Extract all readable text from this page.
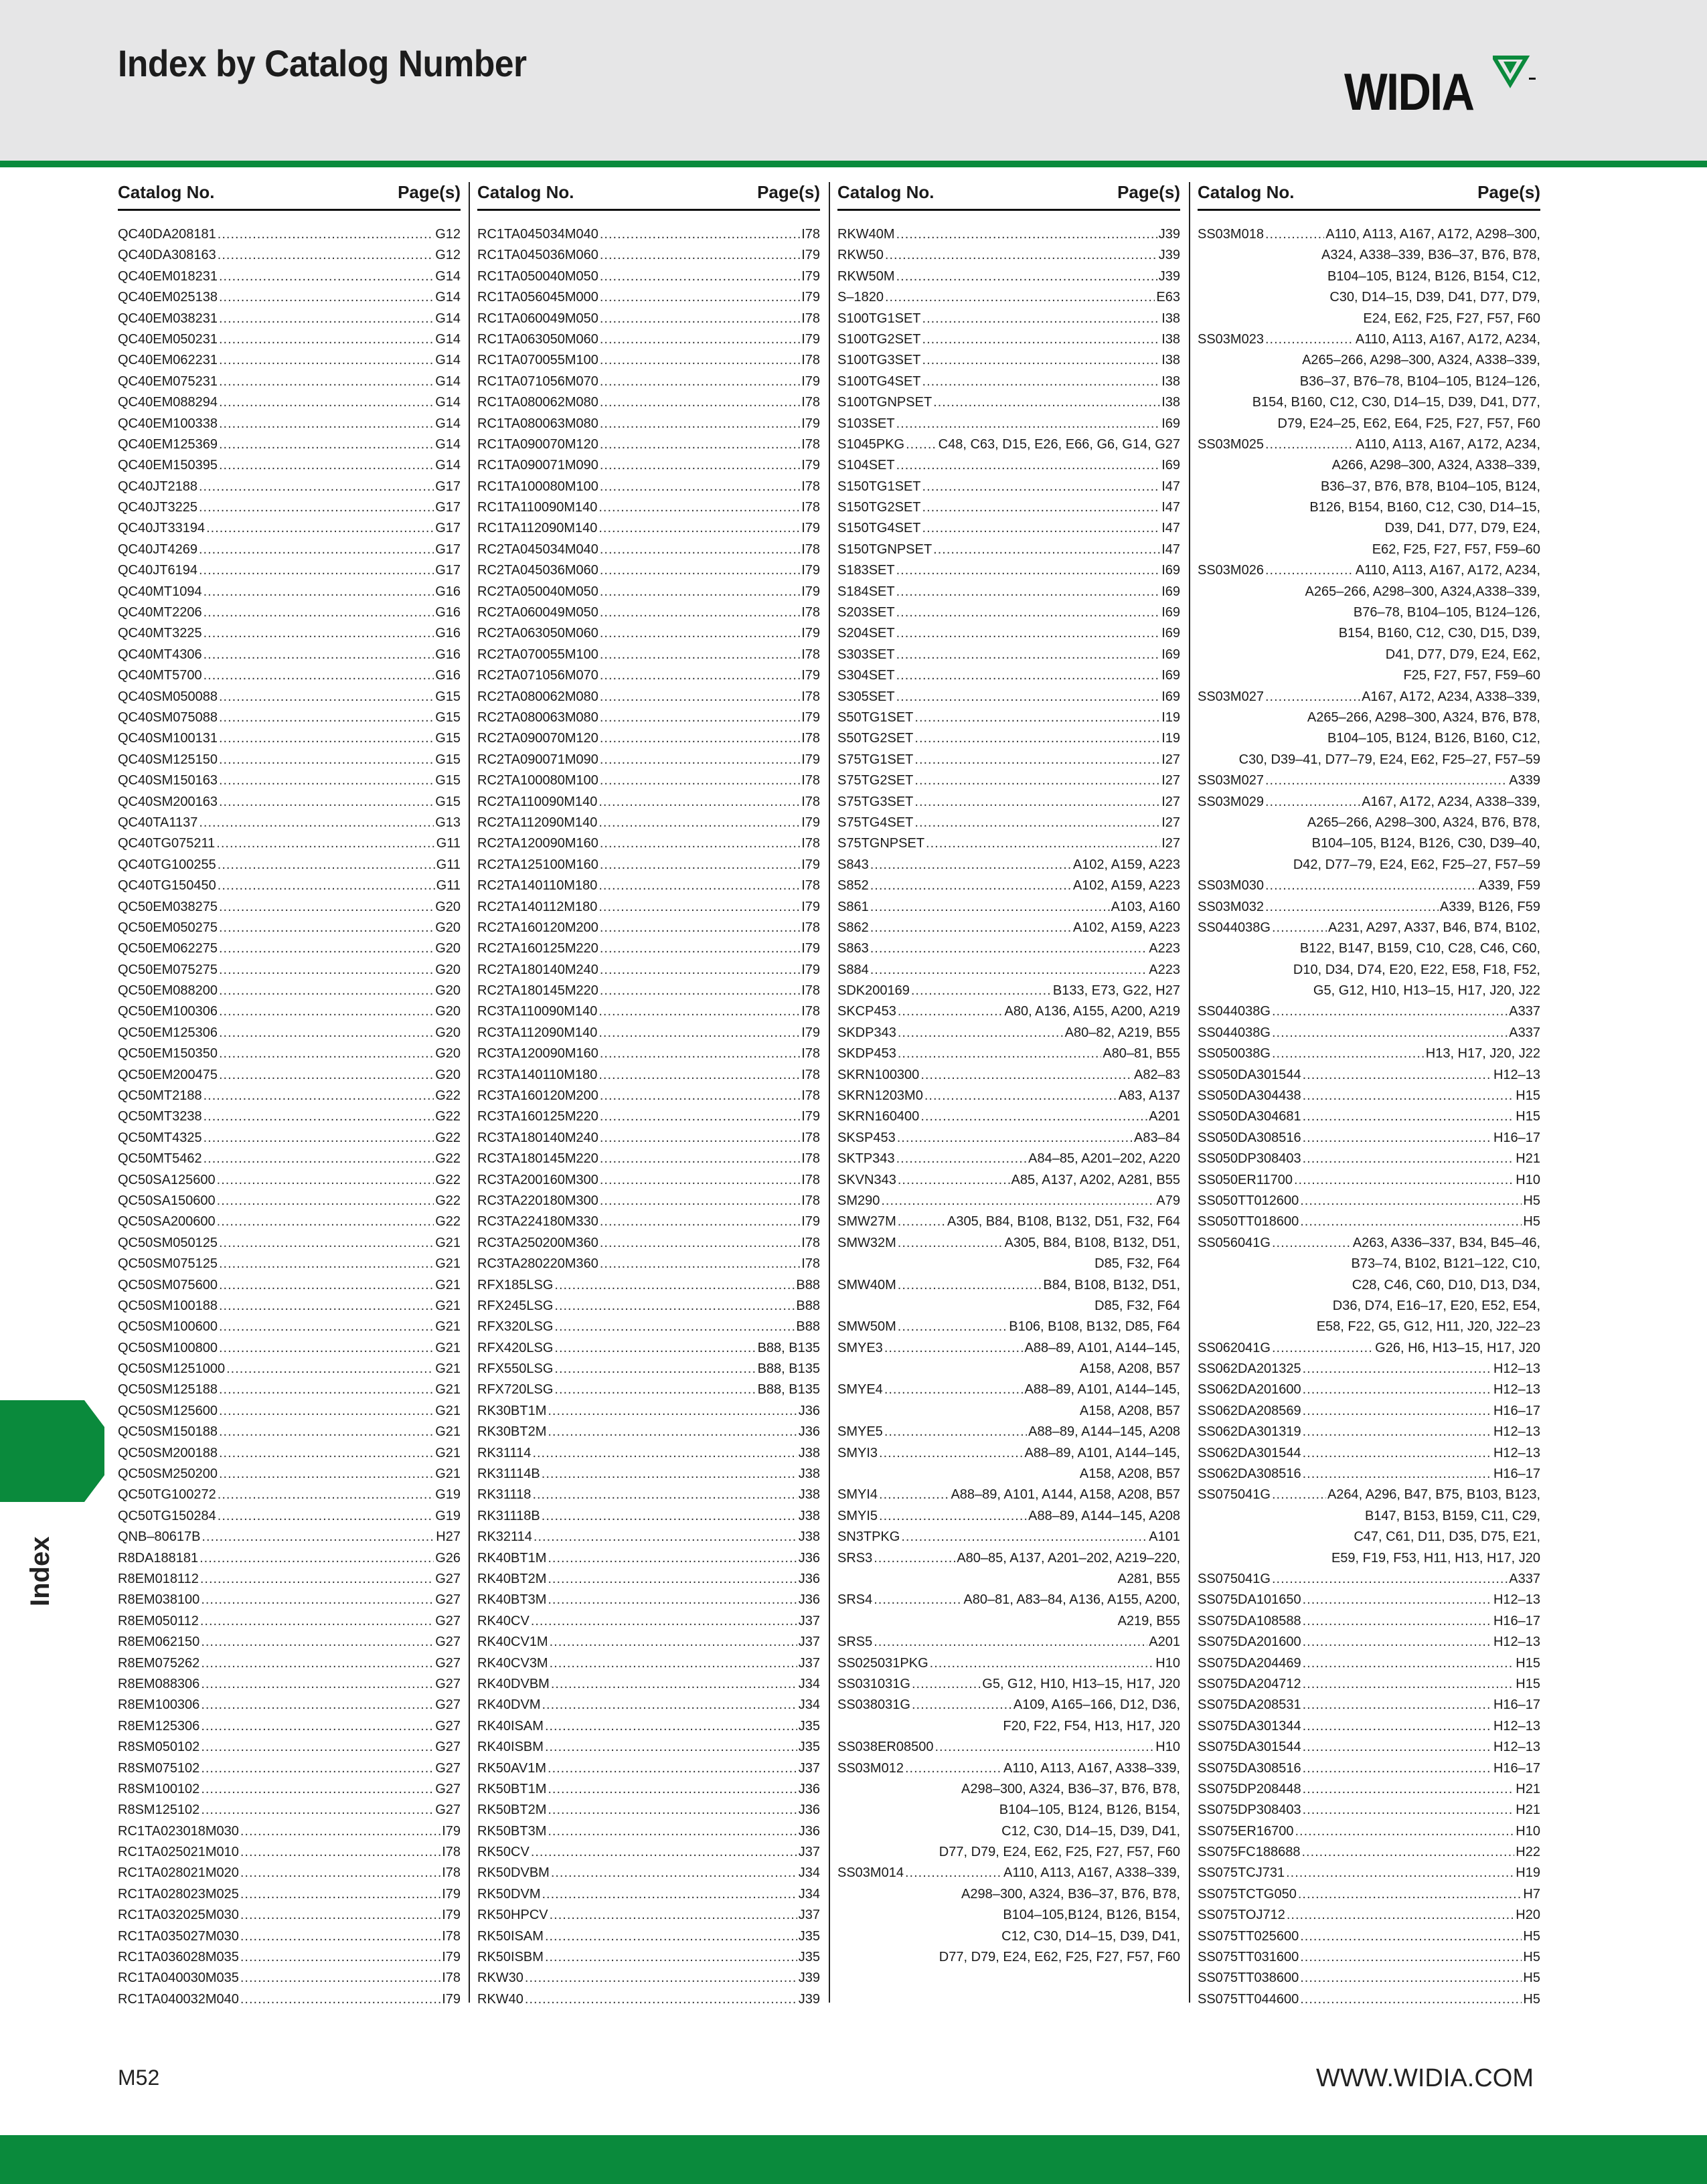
Index by Catalog Number	WIDIA
Catalog No.	Page(s)
QC40DA208181 .....	G12
QC40DA308163 .....	G12
QC40EM018231 .....	G14
QC40EM025138 .....	G14
QC40EM038231 .....	G14
QC40EM050231 .....	G14
QC40EM062231 .....	G14
QC40EM075231 .....	G14
QC40EM088294 .....	G14
QC40EM100338 .....	G14
QC40EM125369 .....	G14
QC40EM150395 .....	G14
QC40JT2188 .....	G17
QC40JT3225 .....	G17
QC40JT33194 .....	G17
QC40JT4269 .....	G17
QC40JT6194 .....	G17
QC40MT1094 .....	G16
QC40MT2206 .....	G16
QC40MT3225 .....	G16
QC40MT4306 .....	G16
QC40MT5700 .....	G16
QC40SM050088 .....	G15
QC40SM075088 .....	G15
QC40SM100131 .....	G15
QC40SM125150 .....	G15
QC40SM150163 .....	G15
QC40SM200163 .....	G15
QC40TA1137 .....	G13
QC40TG075211 .....	G11
QC40TG100255 .....	G11
QC40TG150450 .....	G11
QC50EM038275 .....	G20
QC50EM050275 .....	G20
QC50EM062275 .....	G20
QC50EM075275 .....	G20
QC50EM088200 .....	G20
QC50EM100306 .....	G20
QC50EM125306 .....	G20
QC50EM150350 .....	G20
QC50EM200475 .....	G20
QC50MT2188 .....	G22
QC50MT3238 .....	G22
QC50MT4325 .....	G22
QC50MT5462 .....	G22
QC50SA125600 .....	G22
QC50SA150600 .....	G22
QC50SA200600 .....	G22
QC50SM050125 .....	G21
QC50SM075125 .....	G21
QC50SM075600 .....	G21
QC50SM100188 .....	G21
QC50SM100600 .....	G21
QC50SM100800 .....	G21
QC50SM1251000 .....	G21
QC50SM125188 .....	G21
QC50SM125600 .....	G21
QC50SM150188 .....	G21
QC50SM200188 .....	G21
QC50SM250200 .....	G21
QC50TG100272 .....	G19
QC50TG150284 .....	G19
QNB–80617B .....	H27
R8DA188181 .....	G26
R8EM018112 .....	G27
R8EM038100 .....	G27
R8EM050112 .....	G27
R8EM062150 .....	G27
R8EM075262 .....	G27
R8EM088306 .....	G27
R8EM100306 .....	G27
R8EM125306 .....	G27
R8SM050102 .....	G27
R8SM075102 .....	G27
R8SM100102 .....	G27
R8SM125102 .....	G27
RC1TA023018M030 .....	I79
RC1TA025021M010 .....	I78
RC1TA028021M020 .....	I78
RC1TA028023M025 .....	I79
RC1TA032025M030 .....	I79
RC1TA035027M030 .....	I78
RC1TA036028M035 .....	I79
RC1TA040030M035 .....	I78
RC1TA040032M040 .....	I79
Catalog No.	Page(s)
RC1TA045034M040 .....	I78
RC1TA045036M060 .....	I79
RC1TA050040M050 .....	I79
RC1TA056045M000 .....	I79
RC1TA060049M050 .....	I78
RC1TA063050M060 .....	I79
RC1TA070055M100 .....	I78
RC1TA071056M070 .....	I79
RC1TA080062M080 .....	I78
RC1TA080063M080 .....	I79
RC1TA090070M120 .....	I78
RC1TA090071M090 .....	I79
RC1TA100080M100 .....	I78
RC1TA110090M140 .....	I78
RC1TA112090M140 .....	I79
RC2TA045034M040 .....	I78
RC2TA045036M060 .....	I79
RC2TA050040M050 .....	I79
RC2TA060049M050 .....	I78
RC2TA063050M060 .....	I79
RC2TA070055M100 .....	I78
RC2TA071056M070 .....	I79
RC2TA080062M080 .....	I78
RC2TA080063M080 .....	I79
RC2TA090070M120 .....	I78
RC2TA090071M090 .....	I79
RC2TA100080M100 .....	I78
RC2TA110090M140 .....	I78
RC2TA112090M140 .....	I79
RC2TA120090M160 .....	I78
RC2TA125100M160 .....	I79
RC2TA140110M180 .....	I78
RC2TA140112M180 .....	I79
RC2TA160120M200 .....	I78
RC2TA160125M220 .....	I79
RC2TA180140M240 .....	I79
RC2TA180145M220 .....	I78
RC3TA110090M140 .....	I78
RC3TA112090M140 .....	I79
RC3TA120090M160 .....	I78
RC3TA140110M180 .....	I78
RC3TA160120M200 .....	I78
RC3TA160125M220 .....	I79
RC3TA180140M240 .....	I78
RC3TA180145M220 .....	I78
RC3TA200160M300 .....	I78
RC3TA220180M300 .....	I78
RC3TA224180M330 .....	I79
RC3TA250200M360 .....	I78
RC3TA280220M360 .....	I78
RFX185LSG .....	B88
RFX245LSG .....	B88
RFX320LSG .....	B88
RFX420LSG .....	B88, B135
RFX550LSG .....	B88, B135
RFX720LSG .....	B88, B135
RK30BT1M .....	J36
RK30BT2M .....	J36
RK31114 .....	J38
RK31114B .....	J38
RK31118 .....	J38
RK31118B .....	J38
RK32114 .....	J38
RK40BT1M .....	J36
RK40BT2M .....	J36
RK40BT3M .....	J36
RK40CV .....	J37
RK40CV1M .....	J37
RK40CV3M .....	J37
RK40DVBM .....	J34
RK40DVM .....	J34
RK40ISAM .....	J35
RK40ISBM .....	J35
RK50AV1M .....	J37
RK50BT1M .....	J36
RK50BT2M .....	J36
RK50BT3M .....	J36
RK50CV .....	J37
RK50DVBM .....	J34
RK50DVM .....	J34
RK50HPCV .....	J37
RK50ISAM .....	J35
RK50ISBM .....	J35
RKW30 .....	J39
RKW40 .....	J39
Catalog No.	Page(s)
RKW40M .....	J39
RKW50 .....	J39
RKW50M .....	J39
S–1820 .....	E63
S100TG1SET .....	I38
S100TG2SET .....	I38
S100TG3SET .....	I38
S100TG4SET .....	I38
S100TGNPSET .....	I38
S103SET .....	I69
S1045PKG .....	C48, C63, D15, E26, E66, G6, G14, G27
S104SET .....	I69
S150TG1SET .....	I47
S150TG2SET .....	I47
S150TG4SET .....	I47
S150TGNPSET .....	I47
S183SET .....	I69
S184SET .....	I69
S203SET .....	I69
S204SET .....	I69
S303SET .....	I69
S304SET .....	I69
S305SET .....	I69
S50TG1SET .....	I19
S50TG2SET .....	I19
S75TG1SET .....	I27
S75TG2SET .....	I27
S75TG3SET .....	I27
S75TG4SET .....	I27
S75TGNPSET .....	I27
S843 .....	A102, A159, A223
S852 .....	A102, A159, A223
S861 .....	A103, A160
S862 .....	A102, A159, A223
S863 .....	A223
S884 .....	A223
SDK200169 .....	B133, E73, G22, H27
SKCP453 .....	A80, A136, A155, A200, A219
SKDP343 .....	A80–82, A219, B55
SKDP453 .....	A80–81, B55
SKRN100300 .....	A82–83
SKRN1203M0 .....	A83, A137
SKRN160400 .....	A201
SKSP453 .....	A83–84
SKTP343 .....	A84–85, A201–202, A220
SKVN343 .....	A85, A137, A202, A281, B55
SM290 .....	A79
SMW27M .....	A305, B84, B108, B132, D51, F32, F64
SMW32M .....	A305, B84, B108, B132, D51,
D85, F32, F64
SMW40M .....	B84, B108, B132, D51,
D85, F32, F64
SMW50M .....	B106, B108, B132, D85, F64
SMYE3 .....	A88–89, A101, A144–145,
A158, A208, B57
SMYE4 .....	A88–89, A101, A144–145,
A158, A208, B57
SMYE5 .....	A88–89, A144–145, A208
SMYI3 .....	A88–89, A101, A144–145,
A158, A208, B57
SMYI4 .....	A88–89, A101, A144, A158, A208, B57
SMYI5 .....	A88–89, A144–145, A208
SN3TPKG .....	A101
SRS3 .....	A80–85, A137, A201–202, A219–220,
A281, B55
SRS4 .....	A80–81, A83–84, A136, A155, A200,
A219, B55
SRS5 .....	A201
SS025031PKG .....	H10
SS031031G .....	G5, G12, H10, H13–15, H17, J20
SS038031G .....	A109, A165–166, D12, D36,
F20, F22, F54, H13, H17, J20
SS038ER08500 .....	H10
SS03M012 .....	A110, A113, A167, A338–339,
A298–300, A324, B36–37, B76, B78,
B104–105, B124, B126, B154,
C12, C30, D14–15, D39, D41,
D77, D79, E24, E62, F25, F27, F57, F60
SS03M014 .....	A110, A113, A167, A338–339,
A298–300, A324, B36–37, B76, B78,
B104–105,B124, B126, B154,
C12, C30, D14–15, D39, D41,
D77, D79, E24, E62, F25, F27, F57, F60
Catalog No.	Page(s)
SS03M018 .....	A110, A113, A167, A172, A298–300,
A324, A338–339, B36–37, B76, B78,
B104–105, B124, B126, B154, C12,
C30, D14–15, D39, D41, D77, D79,
E24, E62, F25, F27, F57, F60
SS03M023 .....	A110, A113, A167, A172, A234,
A265–266, A298–300, A324, A338–339,
B36–37, B76–78, B104–105, B124–126,
B154, B160, C12, C30, D14–15, D39, D41, D77,
D79, E24–25, E62, E64, F25, F27, F57, F60
SS03M025 .....	A110, A113, A167, A172, A234,
A266, A298–300, A324, A338–339,
B36–37, B76, B78, B104–105, B124,
B126, B154, B160, C12, C30, D14–15,
D39, D41, D77, D79, E24,
E62, F25, F27, F57, F59–60
SS03M026 .....	A110, A113, A167, A172, A234,
A265–266, A298–300, A324,A338–339,
B76–78, B104–105, B124–126,
B154, B160, C12, C30, D15, D39,
D41, D77, D79, E24, E62,
F25, F27, F57, F59–60
SS03M027 .....	A167, A172, A234, A338–339,
A265–266, A298–300, A324, B76, B78,
B104–105, B124, B126, B160, C12,
C30, D39–41, D77–79, E24, E62, F25–27, F57–59
SS03M027 .....	A339
SS03M029 .....	A167, A172, A234, A338–339,
A265–266, A298–300, A324, B76, B78,
B104–105, B124, B126, C30, D39–40,
D42, D77–79, E24, E62, F25–27, F57–59
SS03M030 .....	A339, F59
SS03M032 .....	A339, B126, F59
SS044038G .....	A231, A297, A337, B46, B74, B102,
B122, B147, B159, C10, C28, C46, C60,
D10, D34, D74, E20, E22, E58, F18, F52,
G5, G12, H10, H13–15, H17, J20, J22
SS044038G .....	A337
SS044038G .....	A337
SS050038G .....	H13, H17, J20, J22
SS050DA301544 .....	H12–13
SS050DA304438 .....	H15
SS050DA304681 .....	H15
SS050DA308516 .....	H16–17
SS050DP308403 .....	H21
SS050ER11700 .....	H10
SS050TT012600 .....	H5
SS050TT018600 .....	H5
SS056041G .....	A263, A336–337, B34, B45–46,
B73–74, B102, B121–122, C10,
C28, C46, C60, D10, D13, D34,
D36, D74, E16–17, E20, E52, E54,
E58, F22, G5, G12, H11, J20, J22–23
SS062041G .....	G26, H6, H13–15, H17, J20
SS062DA201325 .....	H12–13
SS062DA201600 .....	H12–13
SS062DA208569 .....	H16–17
SS062DA301319 .....	H12–13
SS062DA301544 .....	H12–13
SS062DA308516 .....	H16–17
SS075041G .....	A264, A296, B47, B75, B103, B123,
B147, B153, B159, C11, C29,
C47, C61, D11, D35, D75, E21,
E59, F19, F53, H11, H13, H17, J20
SS075041G .....	A337
SS075DA101650 .....	H12–13
SS075DA108588 .....	H16–17
SS075DA201600 .....	H12–13
SS075DA204469 .....	H15
SS075DA204712 .....	H15
SS075DA208531 .....	H16–17
SS075DA301344 .....	H12–13
SS075DA301544 .....	H12–13
SS075DA308516 .....	H16–17
SS075DP208448 .....	H21
SS075DP308403 .....	H21
SS075ER16700 .....	H10
SS075FC188688 .....	H22
SS075TCJ731 .....	H19
SS075TCTG050 .....	H7
SS075TOJ712 .....	H20
SS075TT025600 .....	H5
SS075TT031600 .....	H5
SS075TT038600 .....	H5
SS075TT044600 .....	H5
Index
M52	WWW.WIDIA.COM
